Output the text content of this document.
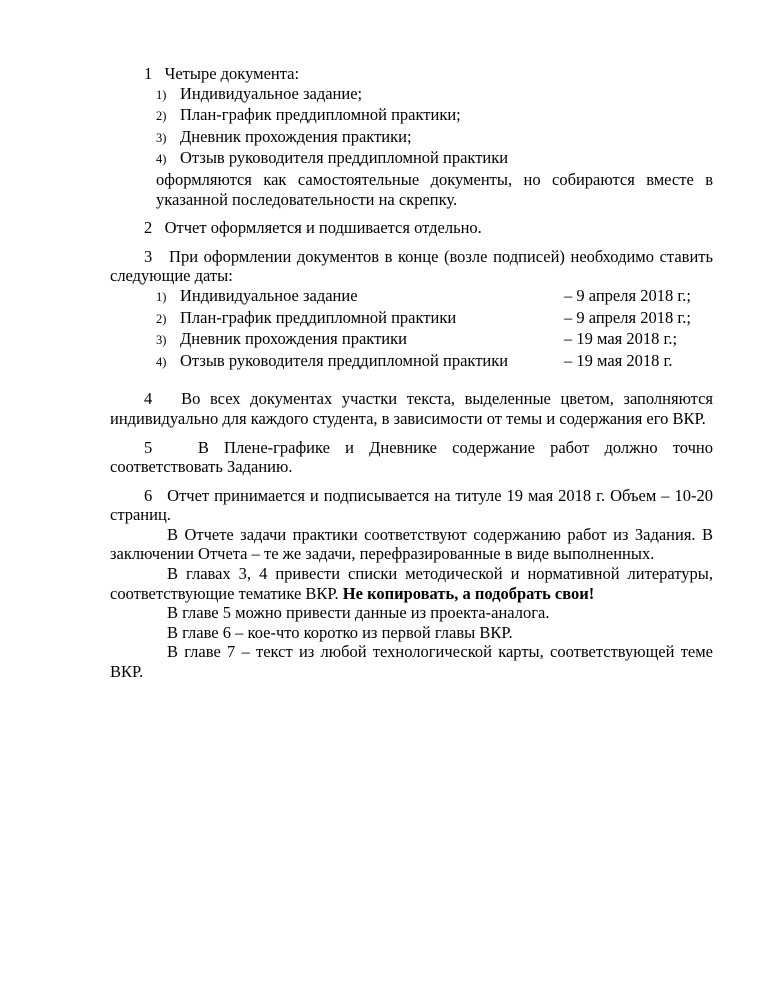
1 Четыре документа:

1) Индивидуальное задание;
2) План-график преддипломной практики;
3) Дневник прохождения практики;
4) Отзыв руководителя преддипломной практики

оформляются как самостоятельные документы, но собираются вместе в указанной последовательности на скрепку.

2 Отчет оформляется и подшивается отдельно.

3 При оформлении документов в конце (возле подписей) необходимо ставить следующие даты:

1) Индивидуальное задание	– 9 апреля 2018 г.;
2) План-график преддипломной практики	– 9 апреля 2018 г.;
3) Дневник прохождения практики	– 19 мая 2018 г.;
4) Отзыв руководителя преддипломной практики	– 19 мая 2018 г.

4 Во всех документах участки текста, выделенные цветом, заполняются индивидуально для каждого студента, в зависимости от темы и содержания его ВКР.

5	В Плене-графике и Дневнике содержание работ должно точно соответствовать Заданию.

6 Отчет принимается и подписывается на титуле 19 мая 2018 г. Объем – 10-20 страниц.

В Отчете задачи практики соответствуют содержанию работ из Задания. В заключении Отчета – те же задачи, перефразированные в виде выполненных.

В главах 3, 4 привести списки методической и нормативной литературы, соответствующие тематике ВКР. Не копировать, а подобрать свои!

В главе 5 можно привести данные из проекта-аналога.

В главе 6 – кое-что коротко из первой главы ВКР.

В главе 7 – текст из любой технологической карты, соответствующей теме ВКР.
